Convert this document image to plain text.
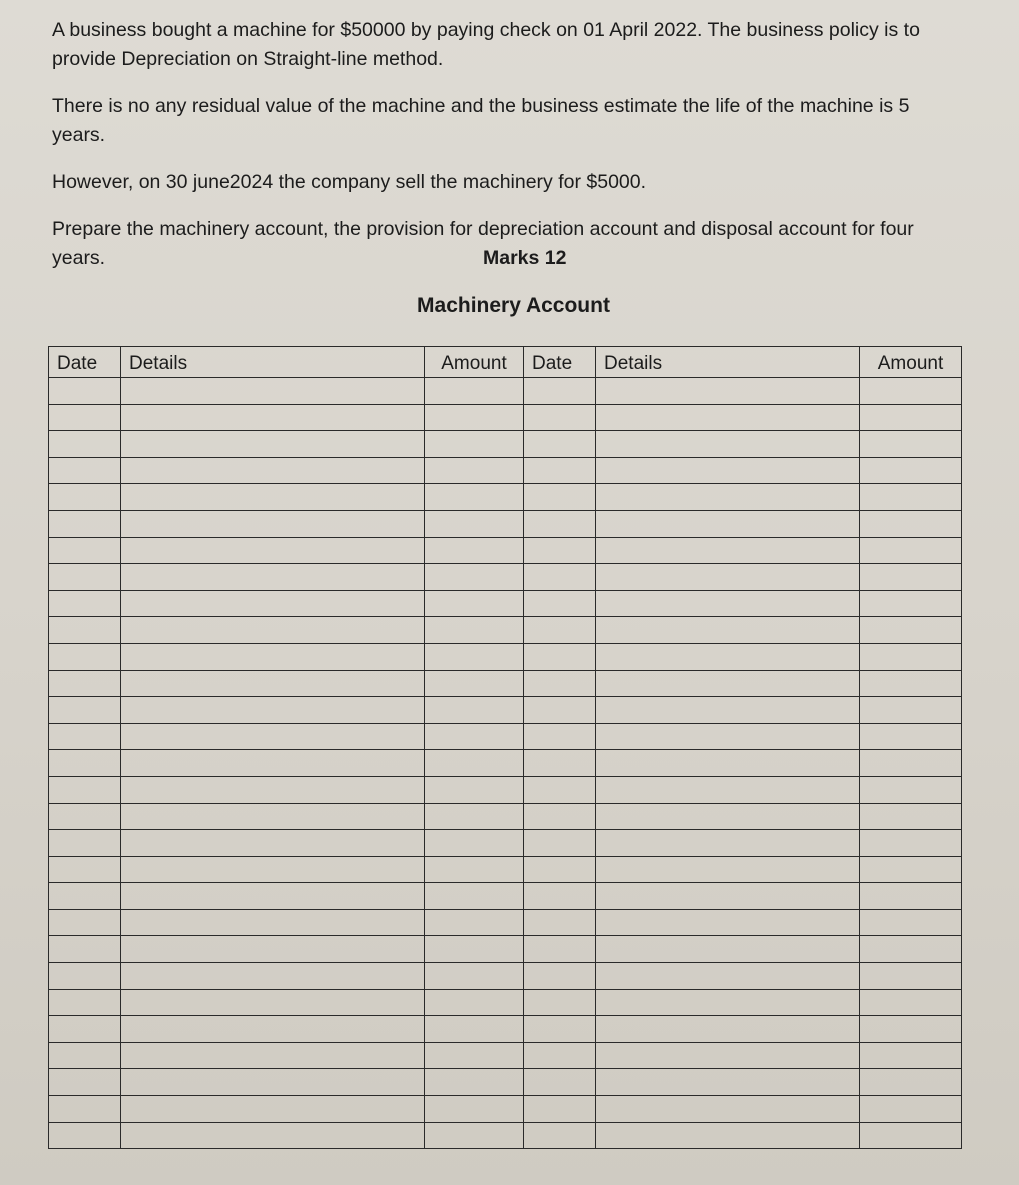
A business bought a machine for $50000 by paying check on 01 April 2022. The business policy is to provide Depreciation on Straight-line method.

There is no any residual value of the machine and the business estimate the life of the machine is 5 years.

However, on 30 june2024 the company sell the machinery for $5000.

Prepare the machinery account, the provision for depreciation account and disposal account for four years.	Marks 12
Machinery Account
Date	Details	Amount	Date	Details	Amount
